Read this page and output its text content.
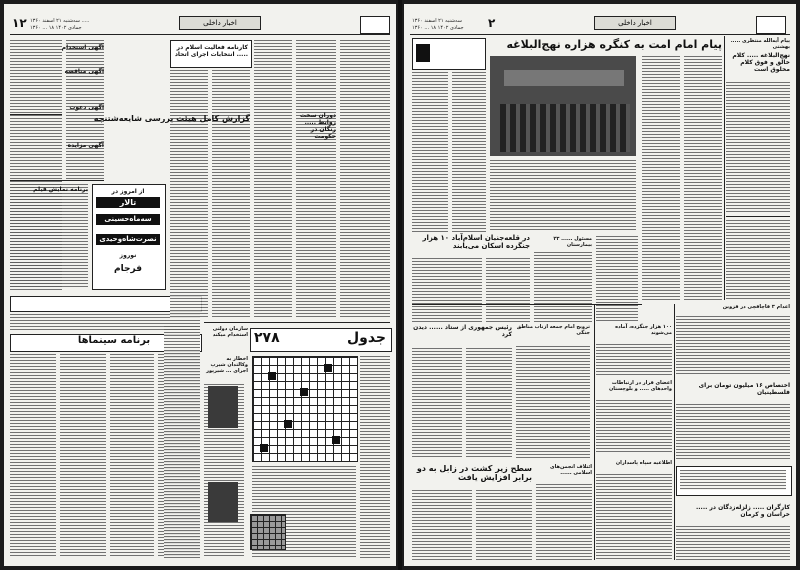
۱۲ سه‌شنبه ۲۱ اسفند ۱۳۶۰ .....
۱۳۶۰ ... ۱۸ جمادی ۱۴۰۲
اخبار داخلی
آگهی استخدام
آگهی مناقصه
آگهی دعوت
آگهی مزایده
از امروز در
تالار
سه‌ماه‌حسینی
نصرت‌شاه‌وحیدی
نوروز
فرجام
برنامه نمایش فیلم
برنامه سینماها
کارنامه فعالیت اسلام در ..... انتخابات اجرای اتحاد
گزارش کامل هیئت بررسی شایعه‌شتنجه	دوران سخت روابط ..... رنگان در حکومت
سازمان دولتی استخدام میکند
اخطار به وکالتدان شیرپ اجرای ... شیرپور
۲۷۸	جدول
۲
سه‌شنبه ۲۱ اسفند ۱۳۶۰
۱۳۶۰ ... ۱۸ جمادی ۱۴۰۲
اخبار داخلی
پیام امام امت به کنگره هزاره نهج‌البلاغه	پیام آیه‌الله منتظری ..... بهشتی
نهج‌البلاغه ..... کلام خالق و فوق کلام مخلوق است
در قلعه‌جنبان اسلام‌آباد ۱۰ هزار جنگزده اسکان می‌یابند
مسئول ...... ۲۳ بیمارستان
رئیس جمهوری از ستاد ...... دیدن کرد
ترویج امام جمعه ازناب مناطق جنگی
سطح زیر کشت در زابل به دو برابر افزایش یافت
ائتلاف انجمن‌های اسلامی ......
۱۰۰ هزار جنگزده، آماده می‌شوند
اعضای قرار در ارتباطات واحدهای ..... و بلوچستان
اطلاعیه سپاه پاسداران
اعدام ۳ قاچاقچی در قزوین
اختصاص ۱۶ میلیون تومان برای فلسطینیان
کارگران ..... زلزله‌زدگان در ..... خراسان و کرمان
